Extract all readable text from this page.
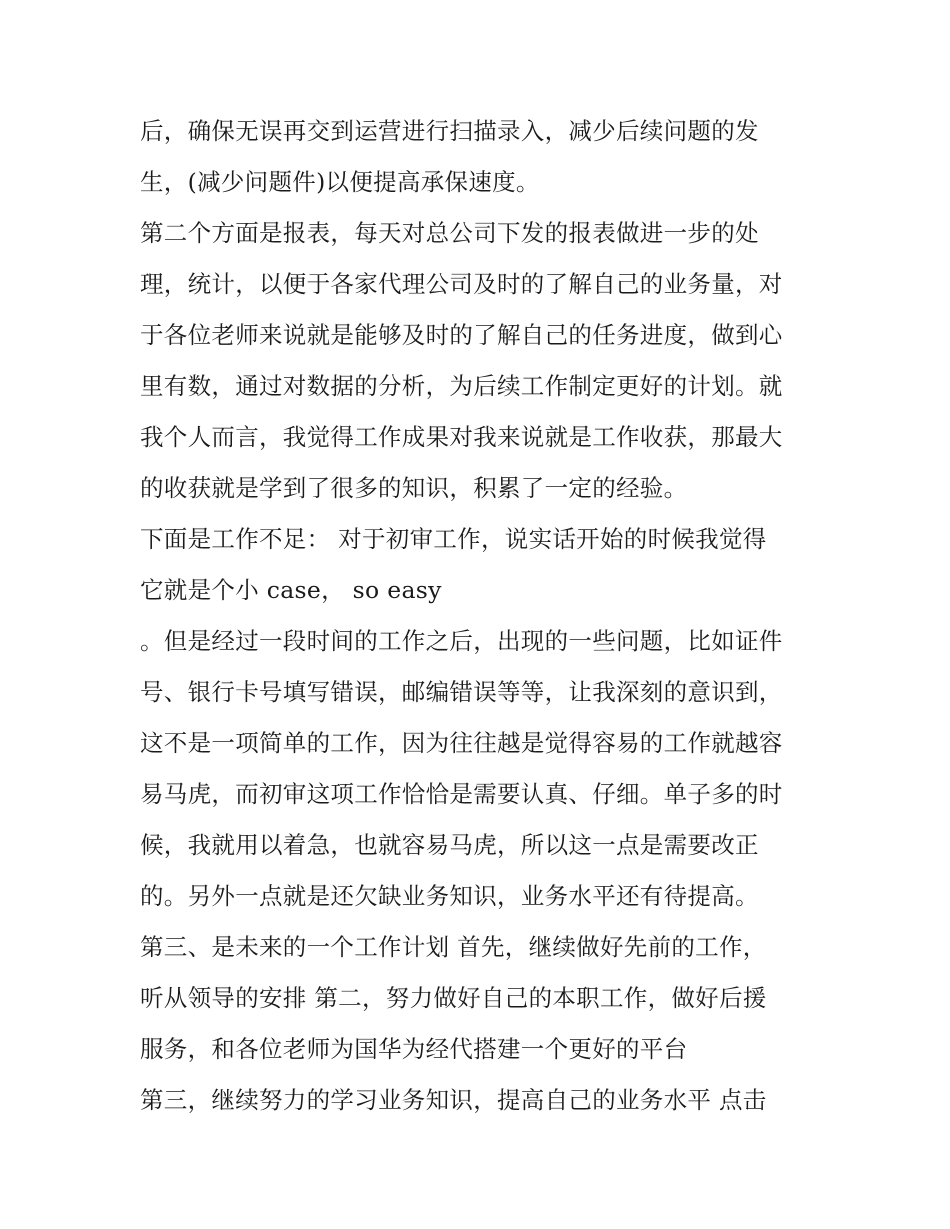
后，确保无误再交到运营进行扫描录入，减少后续问题的发
生，(减少问题件)以便提高承保速度。
第二个方面是报表，每天对总公司下发的报表做进一步的处
理，统计，以便于各家代理公司及时的了解自己的业务量，对
于各位老师来说就是能够及时的了解自己的任务进度，做到心
里有数，通过对数据的分析，为后续工作制定更好的计划。就
我个人而言，我觉得工作成果对我来说就是工作收获，那最大
的收获就是学到了很多的知识，积累了一定的经验。
下面是工作不足： 对于初审工作，说实话开始的时候我觉得
它就是个小 case， so easy
。但是经过一段时间的工作之后，出现的一些问题，比如证件
号、银行卡号填写错误，邮编错误等等，让我深刻的意识到，
这不是一项简单的工作，因为往往越是觉得容易的工作就越容
易马虎，而初审这项工作恰恰是需要认真、仔细。单子多的时
候，我就用以着急，也就容易马虎，所以这一点是需要改正
的。另外一点就是还欠缺业务知识，业务水平还有待提高。
第三、是未来的一个工作计划 首先，继续做好先前的工作，
听从领导的安排 第二，努力做好自己的本职工作，做好后援
服务，和各位老师为国华为经代搭建一个更好的平台
第三，继续努力的学习业务知识，提高自己的业务水平 点击
